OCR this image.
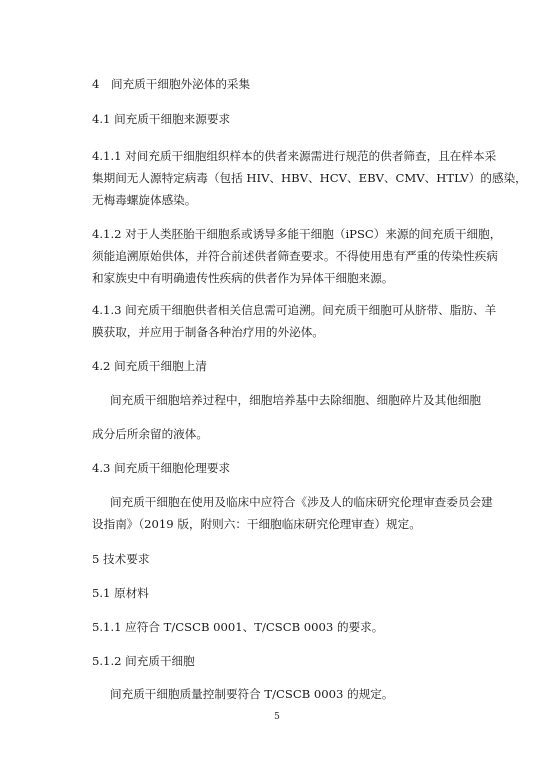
4　间充质干细胞外泌体的采集
4.1 间充质干细胞来源要求
4.1.1 对间充质干细胞组织样本的供者来源需进行规范的供者筛查，且在样本采
集期间无人源特定病毒（包括 HIV、HBV、HCV、EBV、CMV、HTLV）的感染，
无梅毒螺旋体感染。
4.1.2 对于人类胚胎干细胞系或诱导多能干细胞（iPSC）来源的间充质干细胞，
须能追溯原始供体，并符合前述供者筛查要求。不得使用患有严重的传染性疾病
和家族史中有明确遗传性疾病的供者作为异体干细胞来源。
4.1.3 间充质干细胞供者相关信息需可追溯。间充质干细胞可从脐带、脂肪、羊
膜获取，并应用于制备各种治疗用的外泌体。
4.2 间充质干细胞上清
间充质干细胞培养过程中，细胞培养基中去除细胞、细胞碎片及其他细胞
成分后所余留的液体。
4.3 间充质干细胞伦理要求
间充质干细胞在使用及临床中应符合《涉及人的临床研究伦理审查委员会建
设指南》（2019 版，附则六：干细胞临床研究伦理审查）规定。
5 技术要求
5.1 原材料
5.1.1 应符合 T/CSCB 0001、T/CSCB 0003 的要求。
5.1.2 间充质干细胞
间充质干细胞质量控制要符合 T/CSCB 0003 的规定。
5
